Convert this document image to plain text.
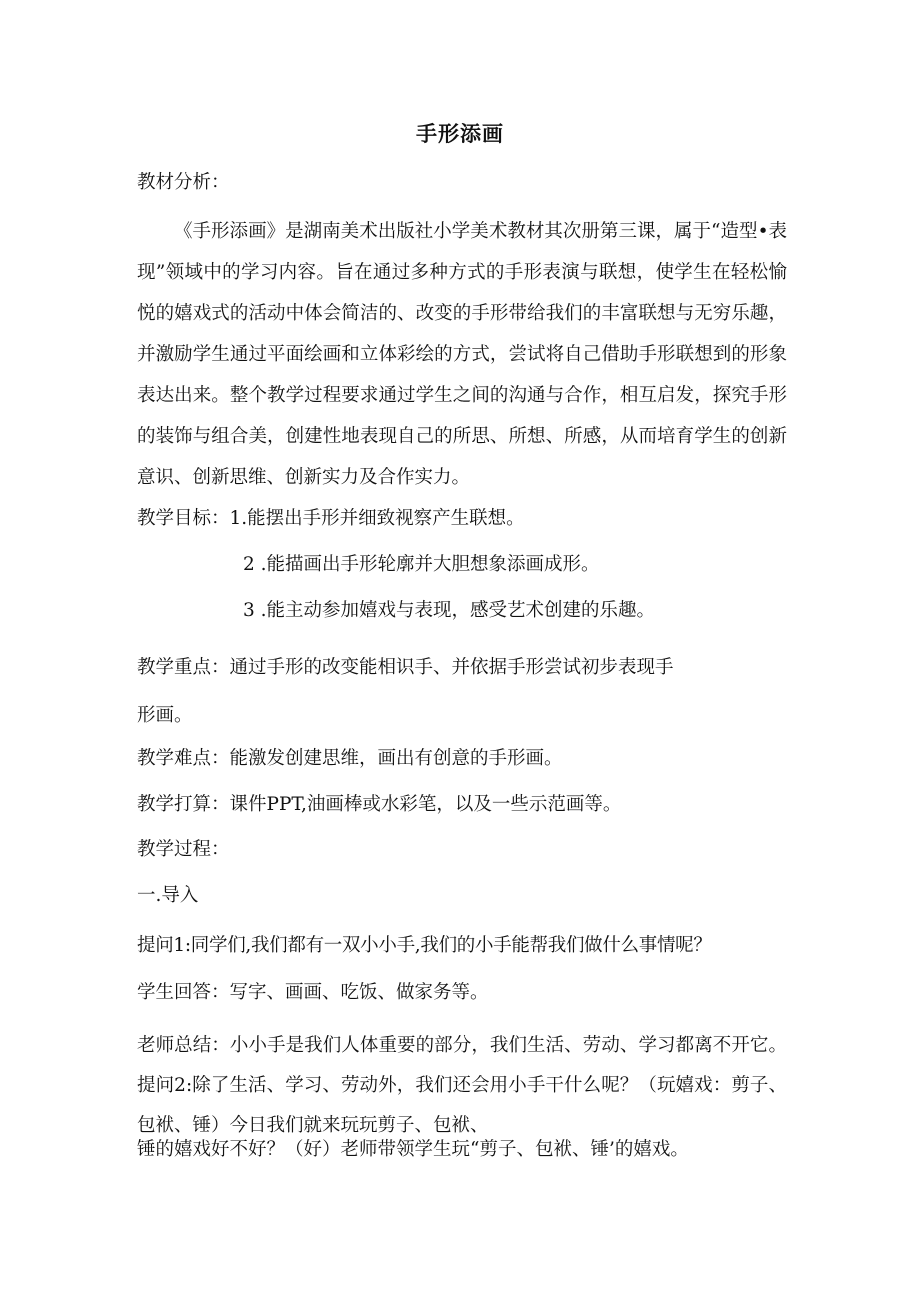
手形添画
教材分析：
《手形添画》是湖南美术出版社小学美术教材其次册第三课，属于“造型•表现”领域中的学习内容。旨在通过多种方式的手形表演与联想，使学生在轻松愉悦的嬉戏式的活动中体会简洁的、改变的手形带给我们的丰富联想与无穷乐趣，并激励学生通过平面绘画和立体彩绘的方式，尝试将自己借助手形联想到的形象表达出来。整个教学过程要求通过学生之间的沟通与合作，相互启发，探究手形的装饰与组合美，创建性地表现自己的所思、所想、所感，从而培育学生的创新意识、创新思维、创新实力及合作实力。
教学目标：1.能摆出手形并细致视察产生联想。
2 .能描画出手形轮廓并大胆想象添画成形。
3 .能主动参加嬉戏与表现，感受艺术创建的乐趣。
教学重点：通过手形的改变能相识手、并依据手形尝试初步表现手
形画。
教学难点：能激发创建思维，画出有创意的手形画。
教学打算：课件PPT,油画棒或水彩笔，以及一些示范画等。
教学过程：
一.导入
提问1:同学们,我们都有一双小小手,我们的小手能帮我们做什么事情呢？
学生回答：写字、画画、吃饭、做家务等。
老师总结：小小手是我们人体重要的部分，我们生活、劳动、学习都离不开它。提问2:除了生活、学习、劳动外，我们还会用小手干什么呢？（玩嬉戏：剪子、包袱、锤）今日我们就来玩玩剪子、包袱、
锤的嬉戏好不好？（好）老师带领学生玩“剪子、包袱、锤’的嬉戏。
